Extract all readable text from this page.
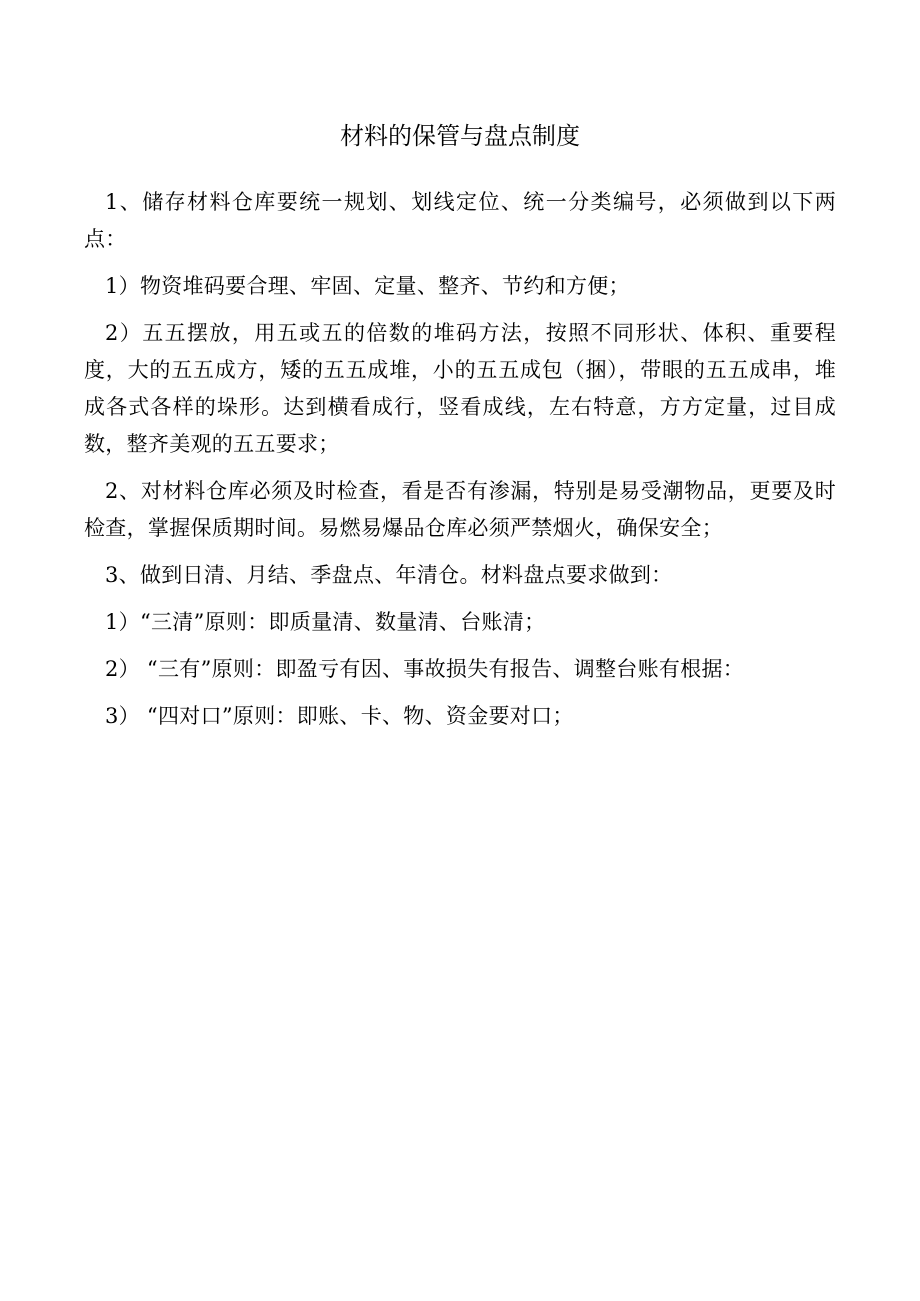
材料的保管与盘点制度

1、储存材料仓库要统一规划、划线定位、统一分类编号，必须做到以下两点：

1）物资堆码要合理、牢固、定量、整齐、节约和方便；

2）五五摆放，用五或五的倍数的堆码方法，按照不同形状、体积、重要程度，大的五五成方，矮的五五成堆，小的五五成包（捆），带眼的五五成串，堆成各式各样的垛形。达到横看成行，竖看成线，左右特意，方方定量，过目成数，整齐美观的五五要求；

2、对材料仓库必须及时检查，看是否有渗漏，特别是易受潮物品，更要及时检查，掌握保质期时间。易燃易爆品仓库必须严禁烟火，确保安全；

3、做到日清、月结、季盘点、年清仓。材料盘点要求做到：

1）“三清”原则：即质量清、数量清、台账清；

2） “三有”原则：即盈亏有因、事故损失有报告、调整台账有根据：

3） “四对口”原则：即账、卡、物、资金要对口；
